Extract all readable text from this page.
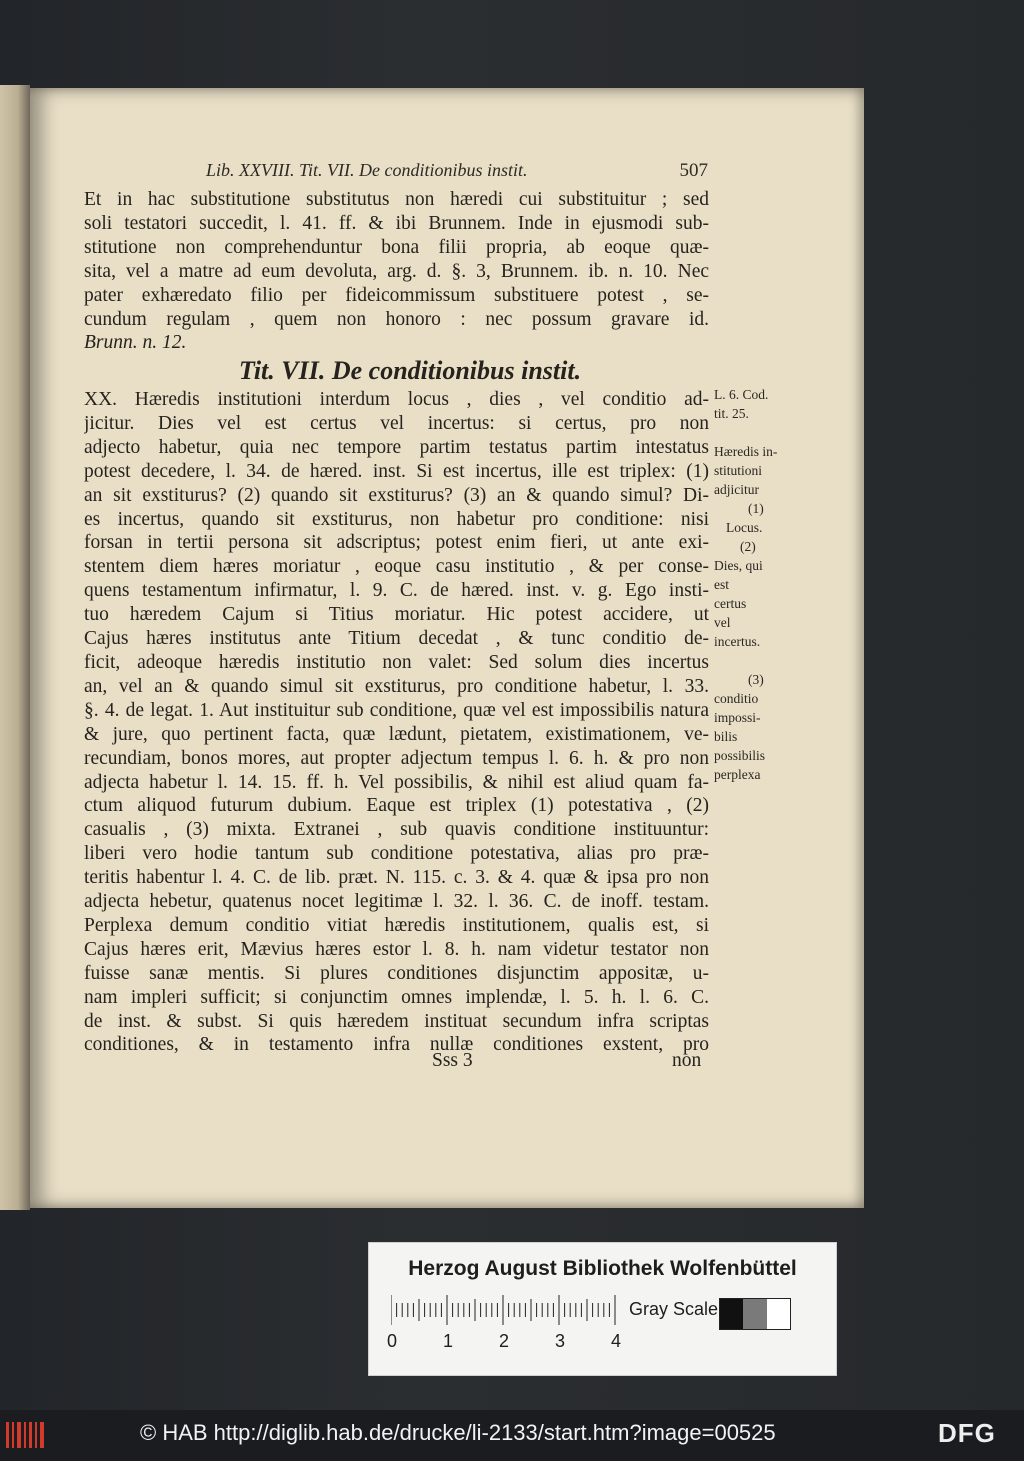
Lib. XXVIII. Tit. VII. De conditionibus instit.	507
Et in hac substitutione substitutus non hæredi cui substituitur ; sed
soli testatori succedit, l. 41. ff. & ibi Brunnem. Inde in ejusmodi sub-
stitutione non comprehenduntur bona filii propria, ab eoque quæ-
sita, vel a matre ad eum devoluta, arg. d. §. 3, Brunnem. ib. n. 10. Nec
pater exhæredato filio per fideicommissum substituere potest , se-
cundum regulam , quem non honoro : nec possum gravare id.
Brunn. n. 12.
Tit. VII. De conditionibus instit.
XX. Hæredis institutioni interdum locus , dies , vel conditio ad-
jicitur. Dies vel est certus vel incertus: si certus, pro non
adjecto habetur, quia nec tempore partim testatus partim intestatus
potest decedere, l. 34. de hæred. inst. Si est incertus, ille est triplex: (1)
an sit exstiturus? (2) quando sit exstiturus? (3) an & quando simul? Di-
es incertus, quando sit exstiturus, non habetur pro conditione: nisi
forsan in tertii persona sit adscriptus; potest enim fieri, ut ante exi-
stentem diem hæres moriatur , eoque casu institutio , & per conse-
quens testamentum infirmatur, l. 9. C. de hæred. inst. v. g. Ego insti-
tuo hæredem Cajum si Titius moriatur. Hic potest accidere, ut
Cajus hæres institutus ante Titium decedat , & tunc conditio de-
ficit, adeoque hæredis institutio non valet: Sed solum dies incertus
an, vel an & quando simul sit exstiturus, pro conditione habetur, l. 33.
§. 4. de legat. 1. Aut instituitur sub conditione, quæ vel est impossibilis natura
& jure, quo pertinent facta, quæ lædunt, pietatem, existimationem, ve-
recundiam, bonos mores, aut propter adjectum tempus l. 6. h. & pro non
adjecta habetur l. 14. 15. ff. h. Vel possibilis, & nihil est aliud quam fa-
ctum aliquod futurum dubium. Eaque est triplex (1) potestativa , (2)
casualis , (3) mixta. Extranei , sub quavis conditione instituuntur:
liberi vero hodie tantum sub conditione potestativa, alias pro præ-
teritis habentur l. 4. C. de lib. præt. N. 115. c. 3. & 4. quæ & ipsa pro non
adjecta hebetur, quatenus nocet legitimæ l. 32. l. 36. C. de inoff. testam.
Perplexa demum conditio vitiat hæredis institutionem, qualis est, si
Cajus hæres erit, Mævius hæres estor l. 8. h. nam videtur testator non
fuisse sanæ mentis. Si plures conditiones disjunctim appositæ, u-
nam impleri sufficit; si conjunctim omnes implendæ, l. 5. h. l. 6. C.
de inst. & subst. Si quis hæredem instituat secundum infra scriptas
conditiones, & in testamento infra nullæ conditiones exstent, pro
L. 6. Cod.
tit. 25.

Hæredis in-
stitutioni
adjicitur
(1)
Locus.
(2)
Dies, qui
est
certus
vel
incertus.

(3)
conditio
impossi-
bilis
possibilis
perplexa
Sss 3	non
Herzog August Bibliothek Wolfenbüttel
0	1	2	3	4
Gray Scale
© HAB http://diglib.hab.de/drucke/li-2133/start.htm?image=00525	DFG
